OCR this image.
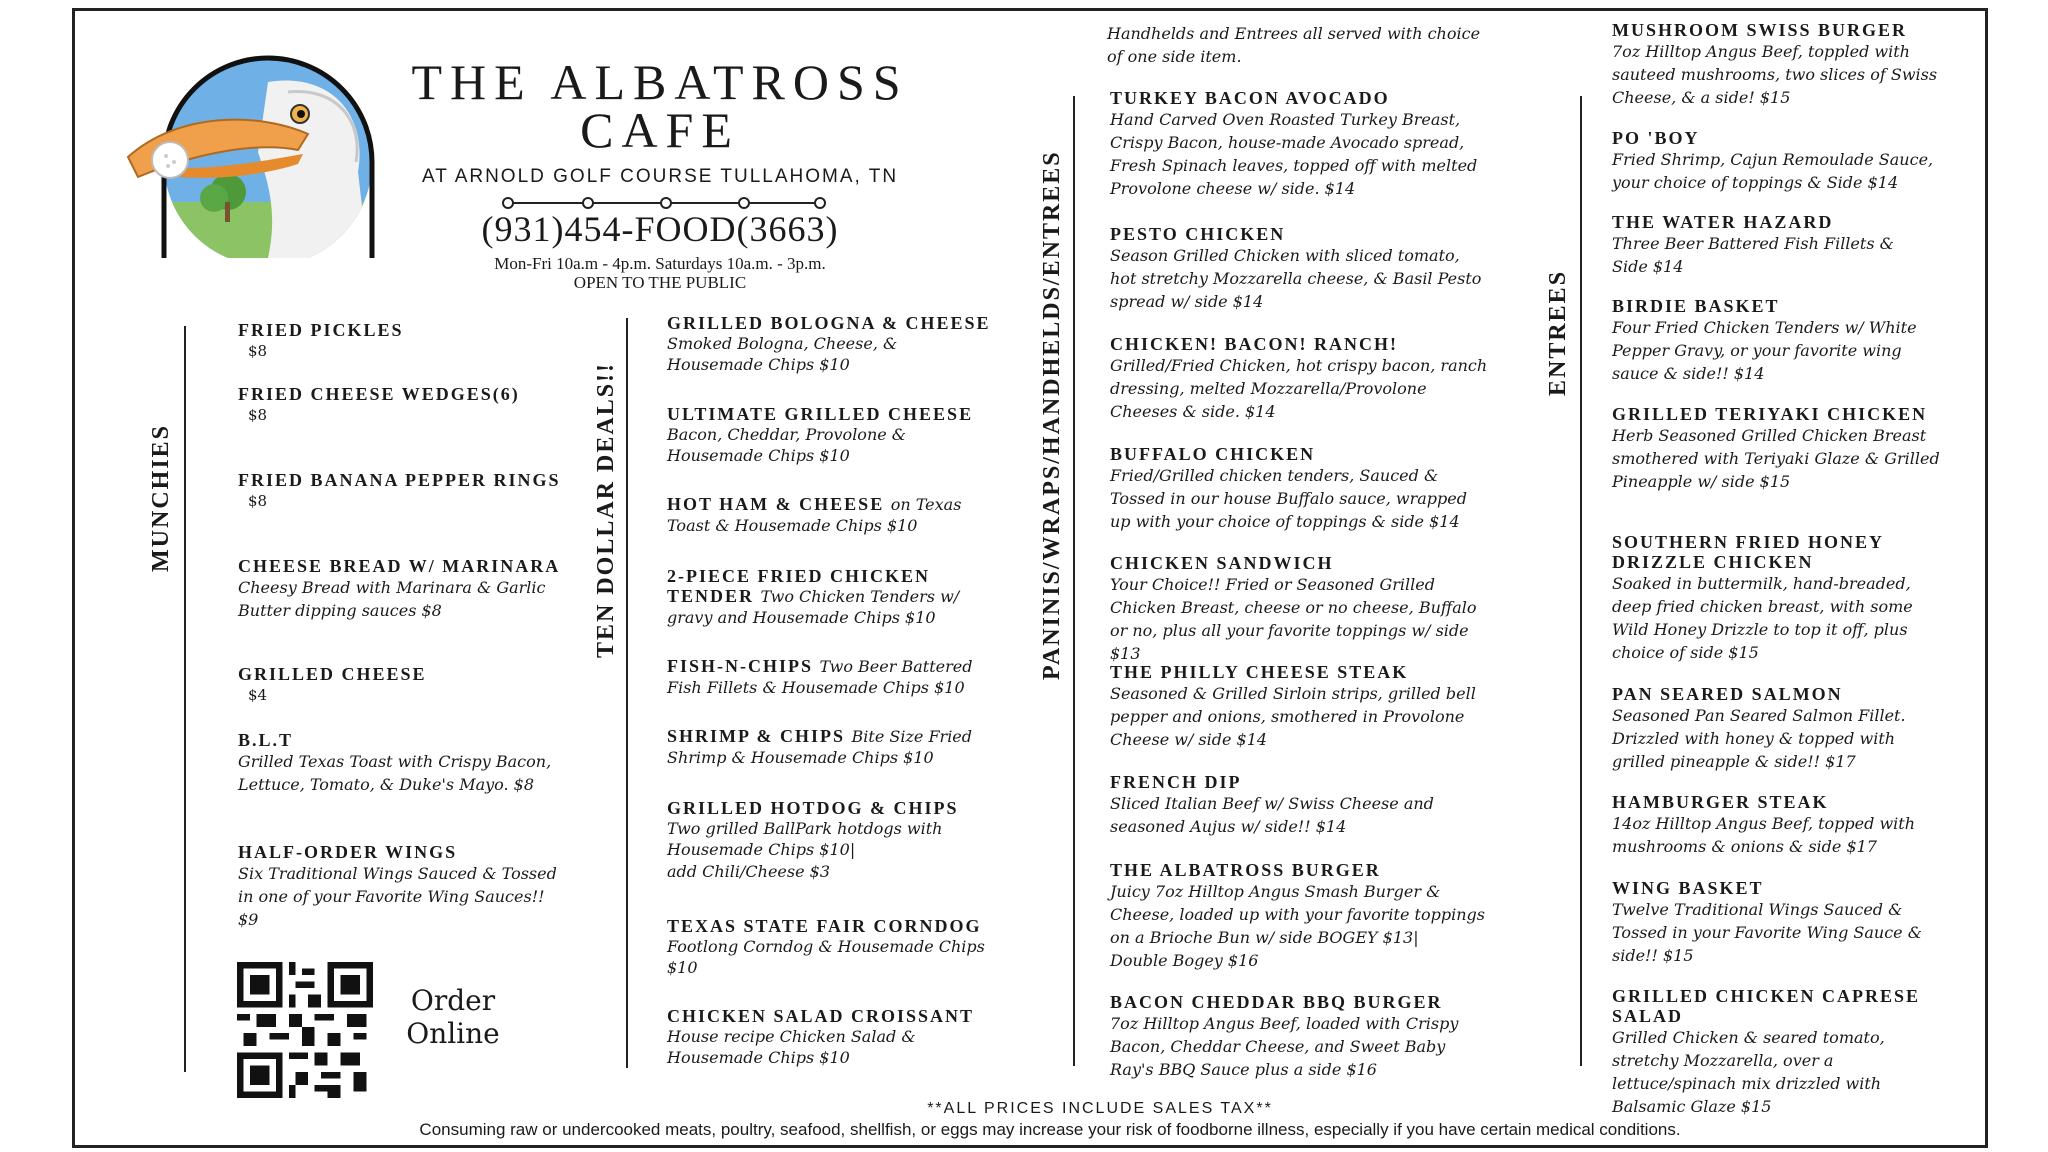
THE ALBATROSS
CAFE
AT ARNOLD GOLF COURSE TULLAHOMA, TN
(931)454-FOOD(3663)
Mon-Fri 10a.m - 4p.m. Saturdays 10a.m. - 3p.m.
OPEN TO THE PUBLIC
MUNCHIES	TEN DOLLAR DEALS!!	PANINIS/WRAPS/HANDHELDS/ENTREES	ENTREES
FRIED PICKLES
$8
FRIED CHEESE WEDGES(6)
$8
FRIED BANANA PEPPER RINGS
$8
CHEESE BREAD W/ MARINARA
Cheesy Bread with Marinara & Garlic Butter dipping sauces $8
GRILLED CHEESE
$4
B.L.T
Grilled Texas Toast with Crispy Bacon, Lettuce, Tomato, & Duke's Mayo. $8
HALF-ORDER WINGS
Six Traditional Wings Sauced & Tossed in one of your Favorite Wing Sauces!! $9
Order Online
GRILLED BOLOGNA & CHEESE Smoked Bologna, Cheese, & Housemade Chips $10
ULTIMATE GRILLED CHEESE Bacon, Cheddar, Provolone & Housemade Chips $10
HOT HAM & CHEESE on Texas Toast & Housemade Chips $10
2-PIECE FRIED CHICKEN TENDER Two Chicken Tenders w/ gravy and Housemade Chips $10
FISH-N-CHIPS Two Beer Battered Fish Fillets & Housemade Chips $10
SHRIMP & CHIPS Bite Size Fried Shrimp & Housemade Chips $10
GRILLED HOTDOG & CHIPS Two grilled BallPark hotdogs with Housemade Chips $10|
add Chili/Cheese $3
TEXAS STATE FAIR CORNDOG Footlong Corndog & Housemade Chips $10
CHICKEN SALAD CROISSANT House recipe Chicken Salad & Housemade Chips $10
Handhelds and Entrees all served with choice of one side item.
TURKEY BACON AVOCADO
Hand Carved Oven Roasted Turkey Breast, Crispy Bacon, house-made Avocado spread, Fresh Spinach leaves, topped off with melted Provolone cheese w/ side. $14
PESTO CHICKEN
Season Grilled Chicken with sliced tomato, hot stretchy Mozzarella cheese, & Basil Pesto spread w/ side $14
CHICKEN! BACON! RANCH!
Grilled/Fried Chicken, hot crispy bacon, ranch dressing, melted Mozzarella/Provolone Cheeses & side. $14
BUFFALO CHICKEN
Fried/Grilled chicken tenders, Sauced & Tossed in our house Buffalo sauce, wrapped up with your choice of toppings & side $14
CHICKEN SANDWICH
Your Choice!! Fried or Seasoned Grilled Chicken Breast, cheese or no cheese, Buffalo or no, plus all your favorite toppings w/ side $13
THE PHILLY CHEESE STEAK
Seasoned & Grilled Sirloin strips, grilled bell pepper and onions, smothered in Provolone Cheese w/ side $14
FRENCH DIP
Sliced Italian Beef w/ Swiss Cheese and seasoned Aujus w/ side!! $14
THE ALBATROSS BURGER
Juicy 7oz Hilltop Angus Smash Burger & Cheese, loaded up with your favorite toppings on a Brioche Bun w/ side BOGEY $13|
Double Bogey $16
BACON CHEDDAR BBQ BURGER
7oz Hilltop Angus Beef, loaded with Crispy Bacon, Cheddar Cheese, and Sweet Baby Ray's BBQ Sauce plus a side $16
MUSHROOM SWISS BURGER
7oz Hilltop Angus Beef, toppled with sauteed mushrooms, two slices of Swiss Cheese, & a side! $15
PO 'BOY
Fried Shrimp, Cajun Remoulade Sauce, your choice of toppings & Side $14
THE WATER HAZARD
Three Beer Battered Fish Fillets & Side $14
BIRDIE BASKET
Four Fried Chicken Tenders w/ White Pepper Gravy, or your favorite wing sauce & side!! $14
GRILLED TERIYAKI CHICKEN
Herb Seasoned Grilled Chicken Breast smothered with Teriyaki Glaze & Grilled Pineapple w/ side $15
SOUTHERN FRIED HONEY DRIZZLE CHICKEN
Soaked in buttermilk, hand-breaded, deep fried chicken breast, with some Wild Honey Drizzle to top it off, plus choice of side $15
PAN SEARED SALMON
Seasoned Pan Seared Salmon Fillet. Drizzled with honey & topped with grilled pineapple & side!! $17
HAMBURGER STEAK
14oz Hilltop Angus Beef, topped with mushrooms & onions & side $17
WING BASKET
Twelve Traditional Wings Sauced & Tossed in your Favorite Wing Sauce & side!! $15
GRILLED CHICKEN CAPRESE SALAD
Grilled Chicken & seared tomato, stretchy Mozzarella, over a lettuce/spinach mix drizzled with Balsamic Glaze $15
**ALL PRICES INCLUDE SALES TAX**
Consuming raw or undercooked meats, poultry, seafood, shellfish, or eggs may increase your risk of foodborne illness, especially if you have certain medical conditions.
